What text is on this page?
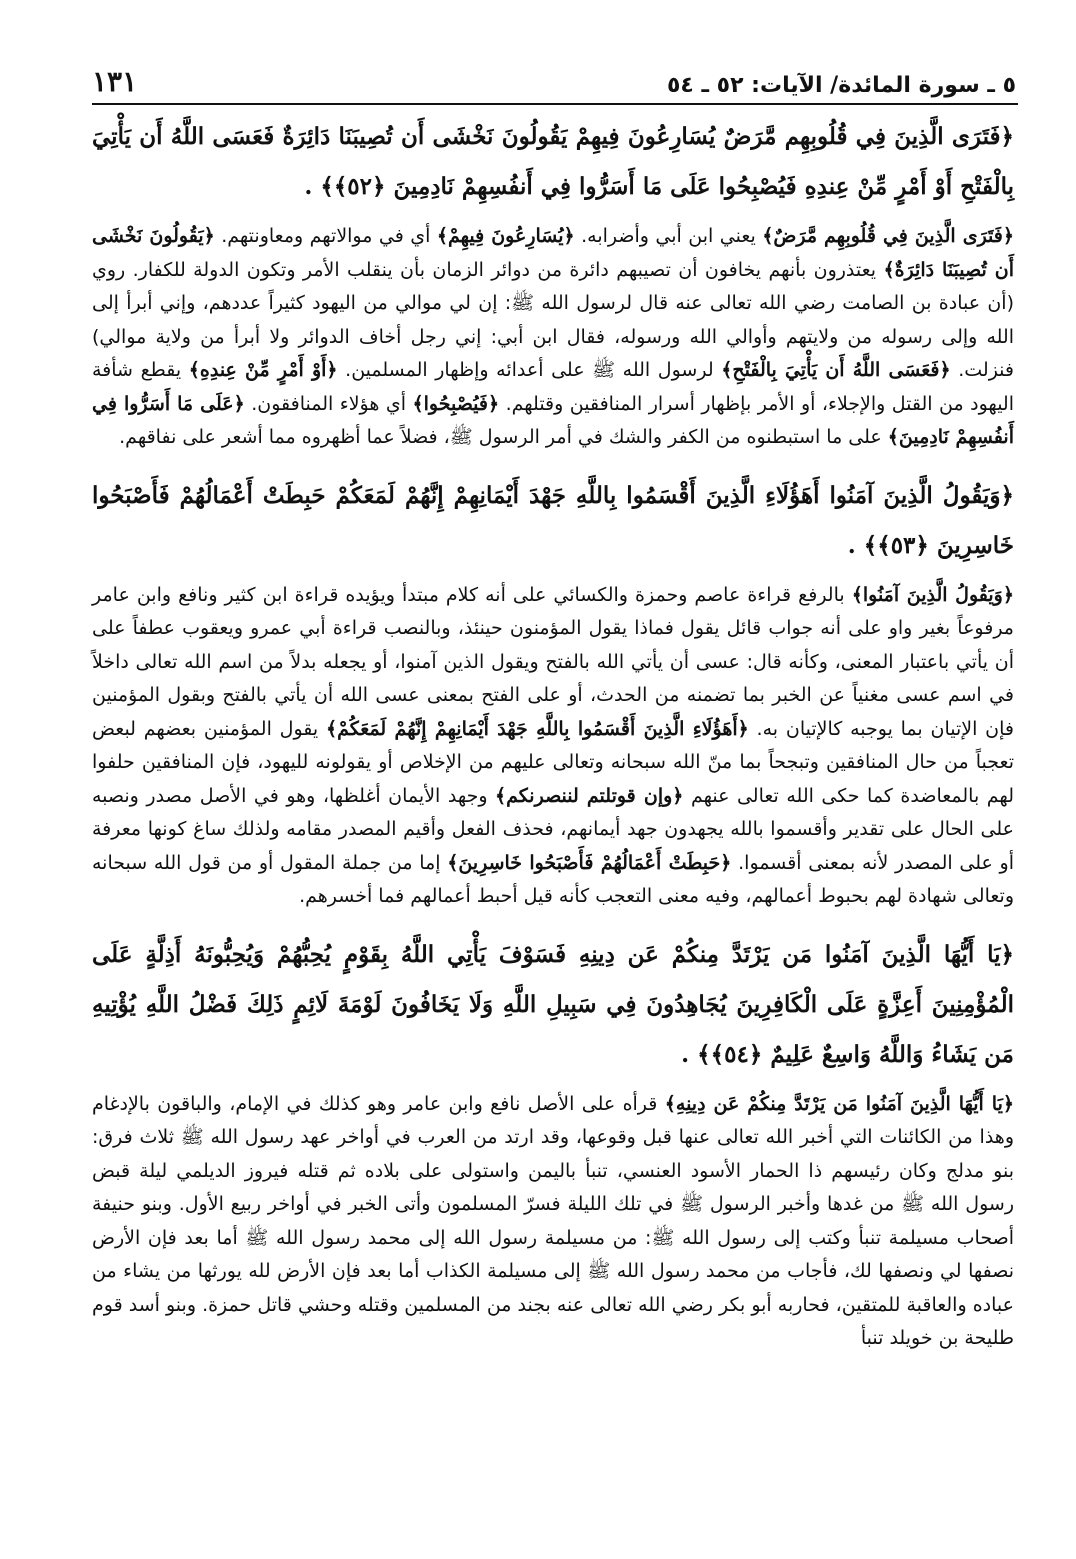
٥ ـ سورة المائدة/ الآيات: ٥٢ ـ ٥٤
١٣١

﴿فَتَرَى الَّذِينَ فِي قُلُوبِهِم مَّرَضٌ يُسَارِعُونَ فِيهِمْ يَقُولُونَ نَخْشَى أَن تُصِيبَنَا دَائِرَةٌ فَعَسَى اللَّهُ أَن يَأْتِيَ بِالْفَتْحِ أَوْ أَمْرٍ مِّنْ عِندِهِ فَيُصْبِحُوا عَلَى مَا أَسَرُّوا فِي أَنفُسِهِمْ نَادِمِينَ ﴿٥٢﴾﴾ .

﴿فَتَرَى الَّذِينَ فِي قُلُوبِهِم مَّرَضٌ﴾ يعني ابن أبي وأضرابه. ﴿يُسَارِعُونَ فِيهِمْ﴾ أي في موالاتهم ومعاونتهم. ﴿يَقُولُونَ نَخْشَى أَن تُصِيبَنَا دَائِرَةٌ﴾ يعتذرون بأنهم يخافون أن تصيبهم دائرة من دوائر الزمان بأن ينقلب الأمر وتكون الدولة للكفار. روي (أن عبادة بن الصامت رضي الله تعالى عنه قال لرسول الله ﷺ: إن لي موالي من اليهود كثيراً عددهم، وإني أبرأ إلى الله وإلى رسوله من ولايتهم وأوالي الله ورسوله، فقال ابن أبي: إني رجل أخاف الدوائر ولا أبرأ من ولاية موالي) فنزلت. ﴿فَعَسَى اللَّهُ أَن يَأْتِيَ بِالْفَتْحِ﴾ لرسول الله ﷺ على أعدائه وإظهار المسلمين. ﴿أَوْ أَمْرٍ مِّنْ عِندِهِ﴾ يقطع شأفة اليهود من القتل والإجلاء، أو الأمر بإظهار أسرار المنافقين وقتلهم. ﴿فَيُصْبِحُوا﴾ أي هؤلاء المنافقون. ﴿عَلَى مَا أَسَرُّوا فِي أَنفُسِهِمْ نَادِمِينَ﴾ على ما استبطنوه من الكفر والشك في أمر الرسول ﷺ، فضلاً عما أظهروه مما أشعر على نفاقهم.

﴿وَيَقُولُ الَّذِينَ آمَنُوا أَهَؤُلَاءِ الَّذِينَ أَقْسَمُوا بِاللَّهِ جَهْدَ أَيْمَانِهِمْ إِنَّهُمْ لَمَعَكُمْ حَبِطَتْ أَعْمَالُهُمْ فَأَصْبَحُوا خَاسِرِينَ ﴿٥٣﴾﴾ .

﴿وَيَقُولُ الَّذِينَ آمَنُوا﴾ بالرفع قراءة عاصم وحمزة والكسائي على أنه كلام مبتدأ ويؤيده قراءة ابن كثير ونافع وابن عامر مرفوعاً بغير واو على أنه جواب قائل يقول فماذا يقول المؤمنون حينئذ، وبالنصب قراءة أبي عمرو ويعقوب عطفاً على أن يأتي باعتبار المعنى، وكأنه قال: عسى أن يأتي الله بالفتح ويقول الذين آمنوا، أو يجعله بدلاً من اسم الله تعالى داخلاً في اسم عسى مغنياً عن الخبر بما تضمنه من الحدث، أو على الفتح بمعنى عسى الله أن يأتي بالفتح وبقول المؤمنين فإن الإتيان بما يوجبه كالإتيان به. ﴿أَهَؤُلَاءِ الَّذِينَ أَقْسَمُوا بِاللَّهِ جَهْدَ أَيْمَانِهِمْ إِنَّهُمْ لَمَعَكُمْ﴾ يقول المؤمنين بعضهم لبعض تعجباً من حال المنافقين وتبجحاً بما منّ الله سبحانه وتعالى عليهم من الإخلاص أو يقولونه لليهود، فإن المنافقين حلفوا لهم بالمعاضدة كما حكى الله تعالى عنهم ﴿وإن قوتلتم لننصرنكم﴾ وجهد الأيمان أغلظها، وهو في الأصل مصدر ونصبه على الحال على تقدير وأقسموا بالله يجهدون جهد أيمانهم، فحذف الفعل وأقيم المصدر مقامه ولذلك ساغ كونها معرفة أو على المصدر لأنه بمعنى أقسموا. ﴿حَبِطَتْ أَعْمَالُهُمْ فَأَصْبَحُوا خَاسِرِينَ﴾ إما من جملة المقول أو من قول الله سبحانه وتعالى شهادة لهم بحبوط أعمالهم، وفيه معنى التعجب كأنه قيل أحبط أعمالهم فما أخسرهم.

﴿يَا أَيُّهَا الَّذِينَ آمَنُوا مَن يَرْتَدَّ مِنكُمْ عَن دِينِهِ فَسَوْفَ يَأْتِي اللَّهُ بِقَوْمٍ يُحِبُّهُمْ وَيُحِبُّونَهُ أَذِلَّةٍ عَلَى الْمُؤْمِنِينَ أَعِزَّةٍ عَلَى الْكَافِرِينَ يُجَاهِدُونَ فِي سَبِيلِ اللَّهِ وَلَا يَخَافُونَ لَوْمَةَ لَائِمٍ ذَلِكَ فَضْلُ اللَّهِ يُؤْتِيهِ مَن يَشَاءُ وَاللَّهُ وَاسِعٌ عَلِيمٌ ﴿٥٤﴾﴾ .

﴿يَا أَيُّهَا الَّذِينَ آمَنُوا مَن يَرْتَدَّ مِنكُمْ عَن دِينِهِ﴾ قرأه على الأصل نافع وابن عامر وهو كذلك في الإمام، والباقون بالإدغام وهذا من الكائنات التي أخبر الله تعالى عنها قبل وقوعها، وقد ارتد من العرب في أواخر عهد رسول الله ﷺ ثلاث فرق: بنو مدلج وكان رئيسهم ذا الحمار الأسود العنسي، تنبأ باليمن واستولى على بلاده ثم قتله فيروز الديلمي ليلة قبض رسول الله ﷺ من غدها وأخبر الرسول ﷺ في تلك الليلة فسرّ المسلمون وأتى الخبر في أواخر ربيع الأول. وبنو حنيفة أصحاب مسيلمة تنبأ وكتب إلى رسول الله ﷺ: من مسيلمة رسول الله إلى محمد رسول الله ﷺ أما بعد فإن الأرض نصفها لي ونصفها لك، فأجاب من محمد رسول الله ﷺ إلى مسيلمة الكذاب أما بعد فإن الأرض لله يورثها من يشاء من عباده والعاقبة للمتقين، فحاربه أبو بكر رضي الله تعالى عنه بجند من المسلمين وقتله وحشي قاتل حمزة. وبنو أسد قوم طليحة بن خويلد تنبأ
